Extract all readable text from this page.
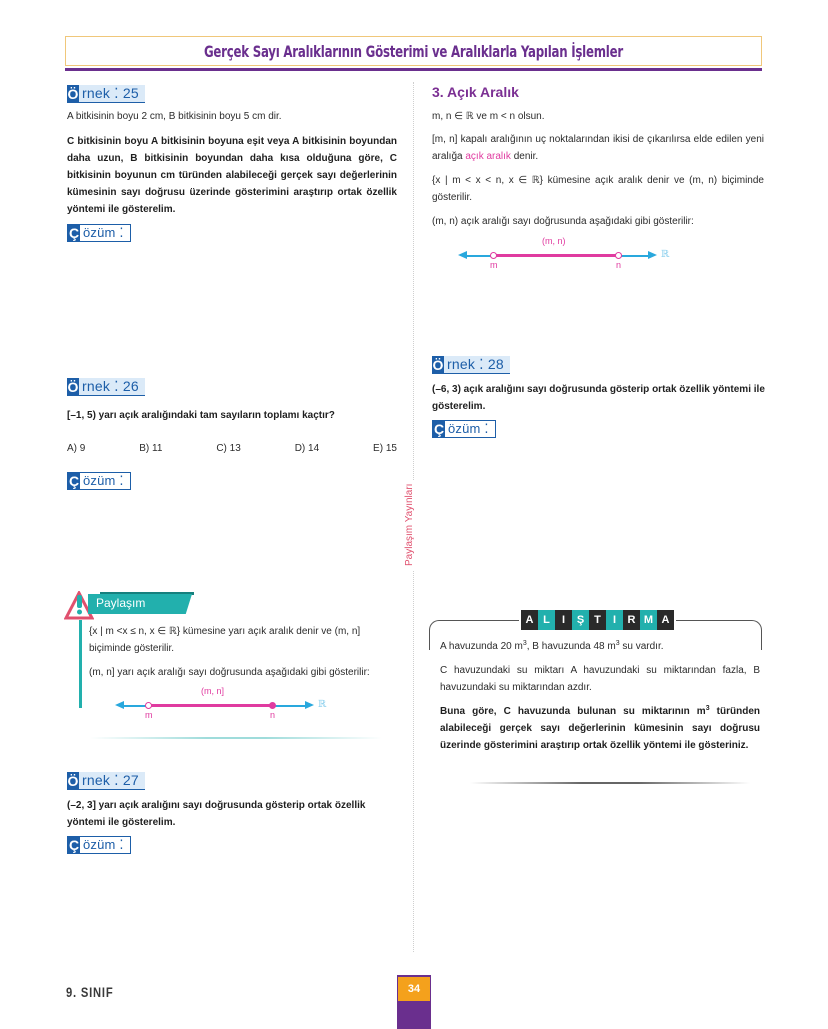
Gerçek Sayı Aralıklarının Gösterimi ve Aralıklarla Yapılan İşlemler
Paylaşım Yayınları
Ö rnek ⁚ 25
A bitkisinin boyu 2 cm, B bitkisinin boyu 5 cm dir.
C bitkisinin boyu A bitkisinin boyuna eşit veya A bitkisinin boyundan daha uzun, B bitkisinin boyundan daha kısa olduğuna göre, C bitkisinin boyunun cm türünden alabileceği gerçek sayı değerlerinin kümesinin sayı doğrusu üzerinde gösterimini araştırıp ortak özellik yöntemi ile gösterelim.
Ç özüm ⁚
Ö rnek ⁚ 26
[–1, 5) yarı açık aralığındaki tam sayıların toplamı kaçtır?
A) 9	B) 11	C) 13	D) 14	E) 15
Ç özüm ⁚
Paylaşım
{x | m <x ≤ n, x ∈ ℝ} kümesine yarı açık aralık denir ve (m, n] biçiminde gösterilir.
(m, n] yarı açık aralığı sayı doğrusunda aşağıdaki gibi gösterilir:
(m, n]
ℝ
m	n
Ö rnek ⁚ 27
(–2, 3] yarı açık aralığını sayı doğrusunda gösterip ortak özellik yöntemi ile gösterelim.
Ç özüm ⁚
3. Açık Aralık
m, n ∈ ℝ ve m < n olsun.
[m, n] kapalı aralığının uç noktalarından ikisi de çıkarılırsa elde edilen yeni aralığa açık aralık denir.
{x | m < x < n, x ∈ ℝ} kümesine açık aralık denir ve (m, n) biçiminde gösterilir.
(m, n) açık aralığı sayı doğrusunda aşağıdaki gibi gösterilir:
(m, n)
ℝ
m	n
Ö rnek ⁚ 28
(–6, 3) açık aralığını sayı doğrusunda gösterip ortak özellik yöntemi ile gösterelim.
Ç özüm ⁚
A L	I	Ş T	I	R M A
A havuzunda 20 $m^3$, B havuzunda 48 $m^3$ su vardır.
C havuzundaki su miktarı A havuzundaki su miktarından fazla, B havuzundaki su miktarından azdır.
Buna göre, C havuzunda bulunan su miktarının $m^3$ türünden alabileceği gerçek sayı değerlerinin kümesinin sayı doğrusu üzerinde gösterimini araştırıp ortak özellik yöntemi ile gösteriniz.
9. SINIF	34
